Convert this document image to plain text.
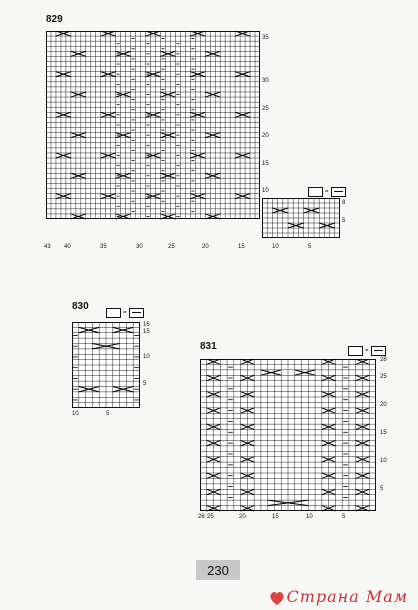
829
=
35
30
25
20
15
10
8
5
43 40	35	30	25	20	15	10	5
830
=
16
15
10
5
10	5
831	=
28
25
20
15
10
5
26 25	20	15	10	5
230
Страна Мам
